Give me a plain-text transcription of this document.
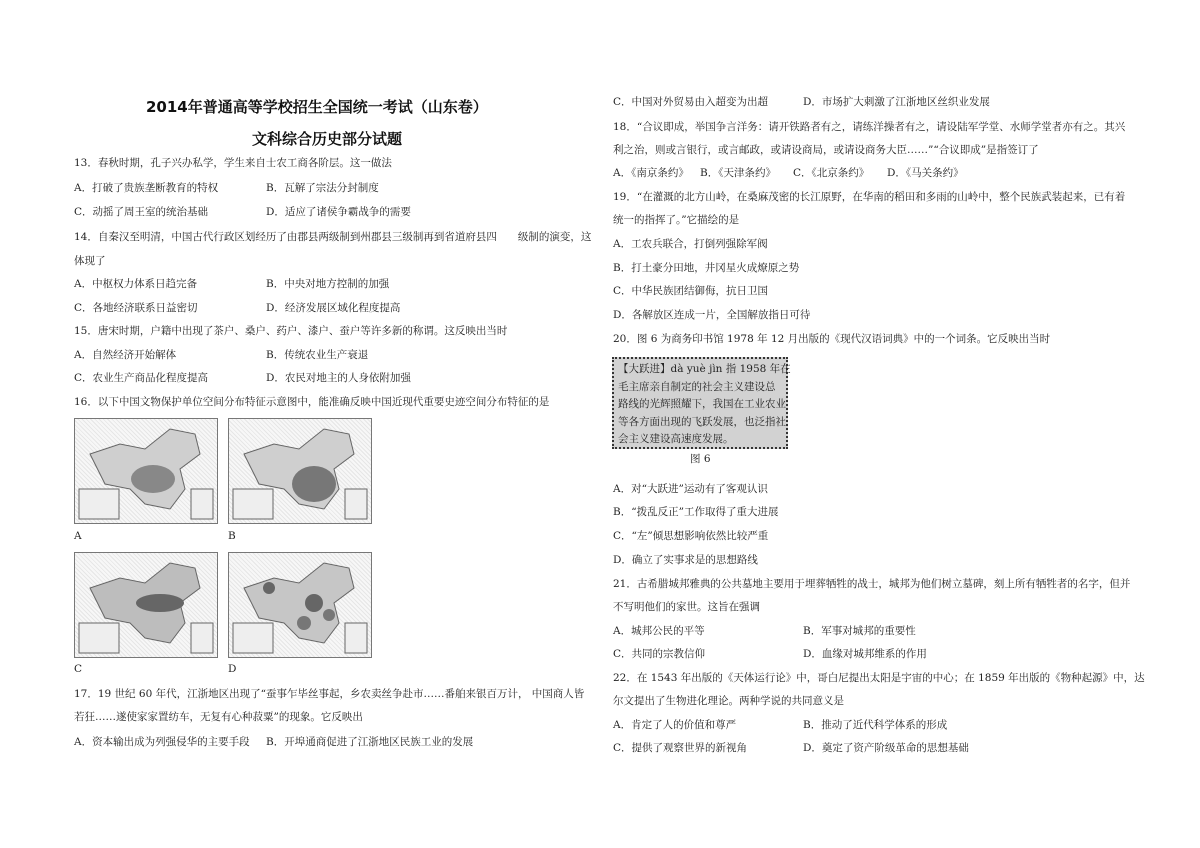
2014年普通高等学校招生全国统一考试（山东卷）
文科综合历史部分试题
13．春秋时期，孔子兴办私学，学生来自士农工商各阶层。这一做法
A．打破了贵族垄断教育的特权	B．瓦解了宗法分封制度
C．动摇了周王室的统治基础	D．适应了诸侯争霸战争的需要
14．自秦汉至明清，中国古代行政区划经历了由郡县两级制到州郡县三级制再到省道府县四　　级制的演变，这
体现了
A．中枢权力体系日趋完备	B．中央对地方控制的加强
C．各地经济联系日益密切	D．经济发展区域化程度提高
15．唐宋时期，户籍中出现了茶户、桑户、药户、漆户、蚕户等许多新的称谓。这反映出当时
A．自然经济开始解体	B．传统农业生产衰退
C．农业生产商品化程度提高	D．农民对地主的人身依附加强
16．以下中国文物保护单位空间分布特征示意图中，能准确反映中国近现代重要史迹空间分布特征的是
A	B
C	D
17．19 世纪 60 年代，江浙地区出现了“蚕事乍毕丝事起，乡农卖丝争赴市……番舶来银百万计， 中国商人皆
若狂……遂使家家置纺车，无复有心种菽粟”的现象。它反映出
A．资本输出成为列强侵华的主要手段 B．开埠通商促进了江浙地区民族工业的发展
C．中国对外贸易由入超变为出超	D．市场扩大刺激了江浙地区丝织业发展
18．“合议即成，举国争言洋务：请开铁路者有之，请练洋操者有之，请设陆军学堂、水师学堂者亦有之。其兴
利之治，则或言银行，或言邮政，或请设商局，或请设商务大臣……”“合议即成”是指签订了
A．《南京条约》 B．《天津条约》 C．《北京条约》 D．《马关条约》
19．“在灌溉的北方山岭，在桑麻茂密的长江原野，在华南的稻田和多雨的山岭中，整个民族武装起来，已有着
统一的指挥了。”它描绘的是
A．工农兵联合，打倒列强除军阀
B．打土豪分田地，井冈星火成燎原之势
C．中华民族团结御侮，抗日卫国
D．各解放区连成一片，全国解放指日可待
20．图 6 为商务印书馆 1978 年 12 月出版的《现代汉语词典》中的一个词条。它反映出当时
【大跃进】dà yuè jìn 指 1958 年在
毛主席亲自制定的社会主义建设总
路线的光辉照耀下，我国在工业农业
等各方面出现的飞跃发展，也泛指社
会主义建设高速度发展。
图 6
A．对“大跃进”运动有了客观认识
B．“拨乱反正”工作取得了重大进展
C．“左”倾思想影响依然比较严重
D．确立了实事求是的思想路线
21．古希腊城邦雅典的公共墓地主要用于埋葬牺牲的战士，城邦为他们树立墓碑，刻上所有牺牲者的名字，但并
不写明他们的家世。这旨在强调
A．城邦公民的平等	B．军事对城邦的重要性
C．共同的宗教信仰	D．血缘对城邦维系的作用
22．在 1543 年出版的《天体运行论》中，哥白尼提出太阳是宇宙的中心；在 1859 年出版的《物种起源》中，达
尔文提出了生物进化理论。两种学说的共同意义是
A．肯定了人的价值和尊严	B．推动了近代科学体系的形成
C．提供了观察世界的新视角	D．奠定了资产阶级革命的思想基础
